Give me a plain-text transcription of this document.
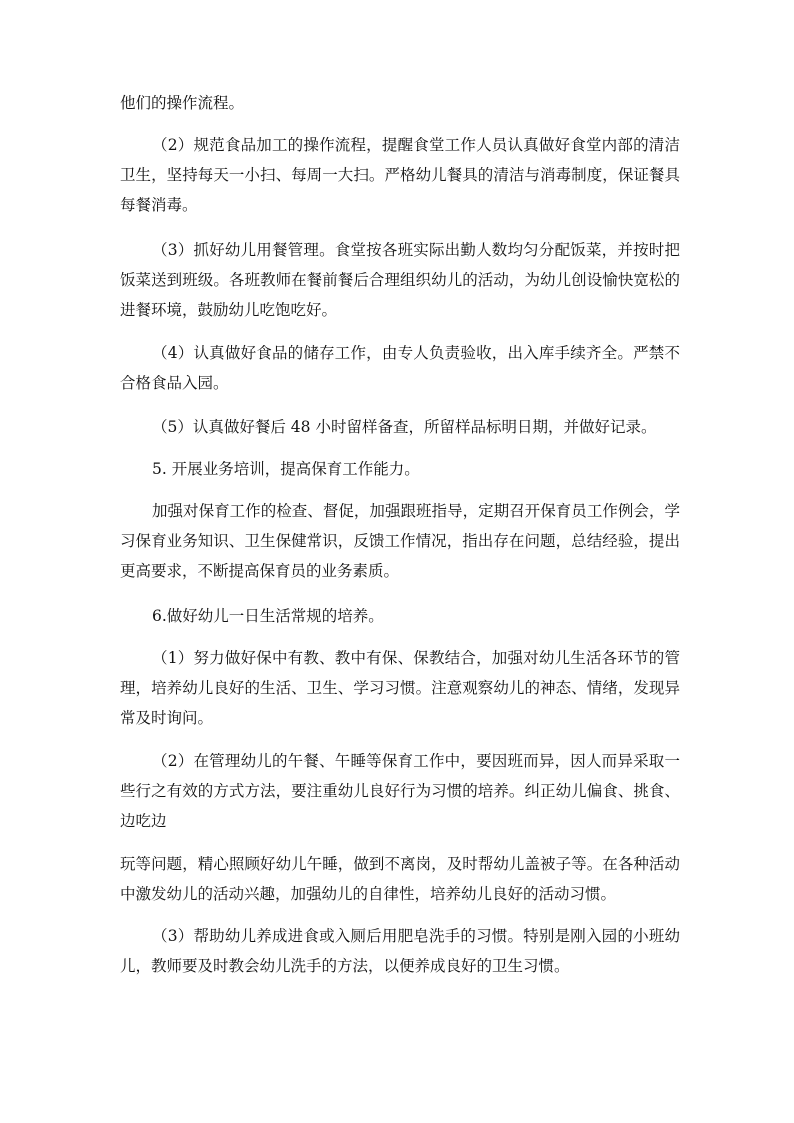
他们的操作流程。

（2）规范食品加工的操作流程，提醒食堂工作人员认真做好食堂内部的清洁卫生，坚持每天一小扫、每周一大扫。严格幼儿餐具的清洁与消毒制度，保证餐具每餐消毒。

（3）抓好幼儿用餐管理。食堂按各班实际出勤人数均匀分配饭菜，并按时把饭菜送到班级。各班教师在餐前餐后合理组织幼儿的活动，为幼儿创设愉快宽松的进餐环境，鼓励幼儿吃饱吃好。

（4）认真做好食品的储存工作，由专人负责验收，出入库手续齐全。严禁不合格食品入园。

（5）认真做好餐后 48 小时留样备查，所留样品标明日期，并做好记录。

5. 开展业务培训，提高保育工作能力。

加强对保育工作的检查、督促，加强跟班指导，定期召开保育员工作例会，学习保育业务知识、卫生保健常识，反馈工作情况，指出存在问题，总结经验，提出更高要求，不断提高保育员的业务素质。

6.做好幼儿一日生活常规的培养。

（1）努力做好保中有教、教中有保、保教结合，加强对幼儿生活各环节的管理，培养幼儿良好的生活、卫生、学习习惯。注意观察幼儿的神态、情绪，发现异常及时询问。

（2）在管理幼儿的午餐、午睡等保育工作中，要因班而异，因人而异采取一些行之有效的方式方法，要注重幼儿良好行为习惯的培养。纠正幼儿偏食、挑食、边吃边

玩等问题，精心照顾好幼儿午睡，做到不离岗，及时帮幼儿盖被子等。在各种活动中激发幼儿的活动兴趣，加强幼儿的自律性，培养幼儿良好的活动习惯。

（3）帮助幼儿养成进食或入厕后用肥皂洗手的习惯。特别是刚入园的小班幼儿，教师要及时教会幼儿洗手的方法，以便养成良好的卫生习惯。
